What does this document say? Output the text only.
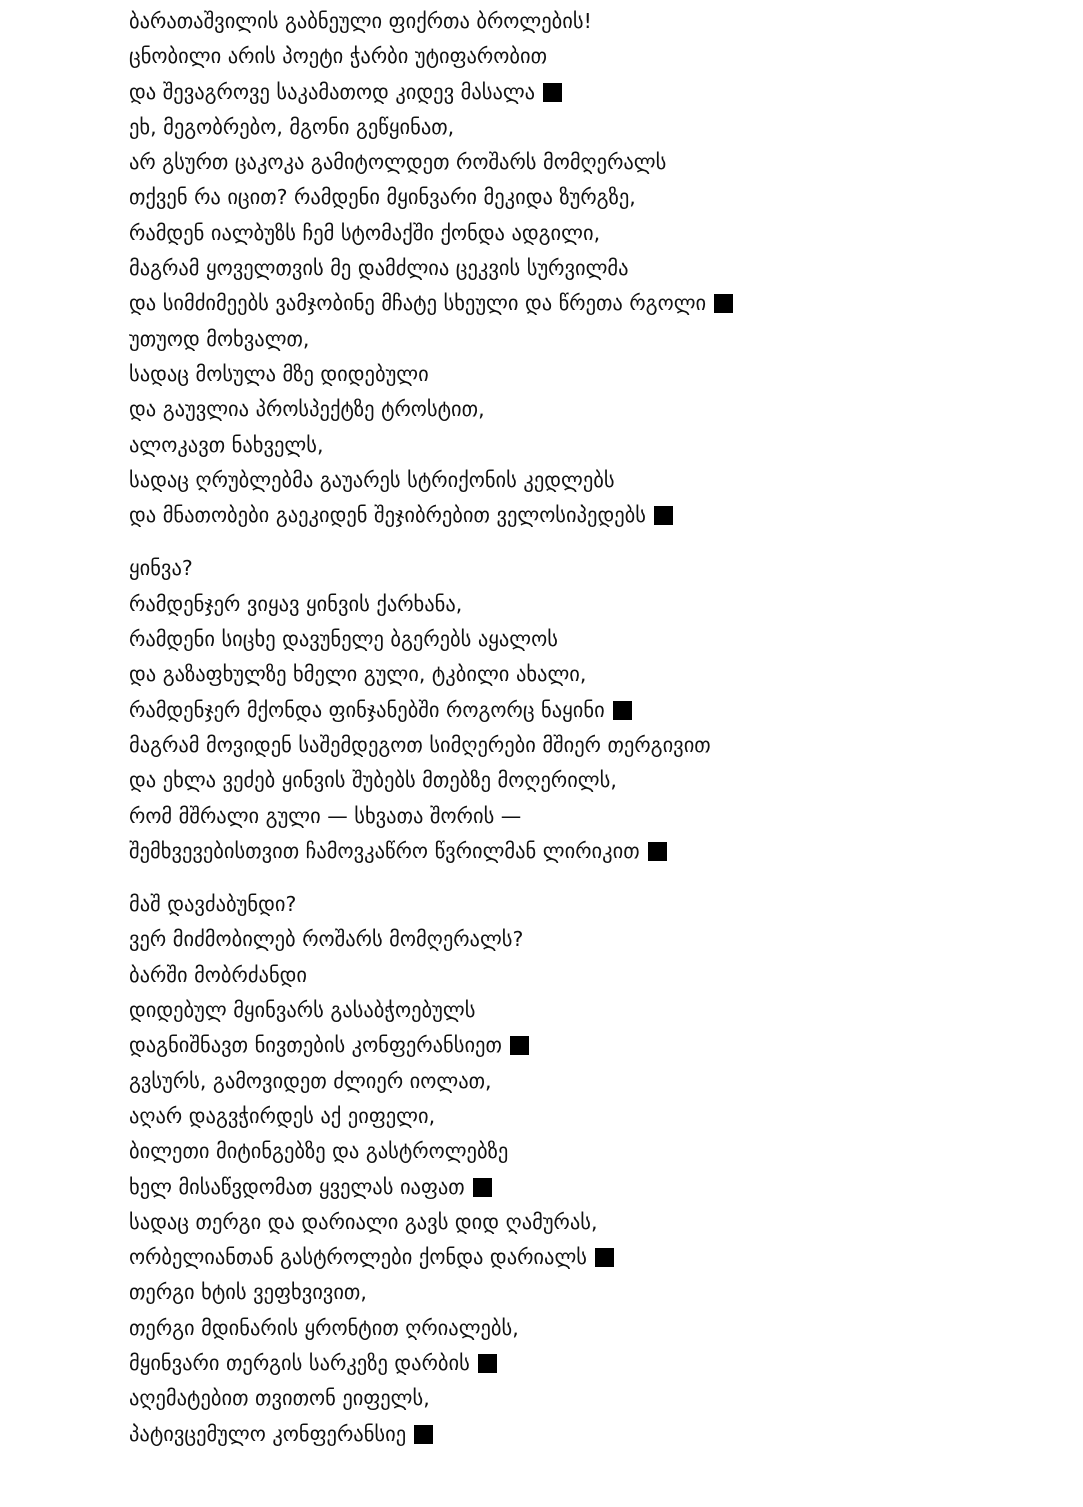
ბარათაშვილის გაბნეული ფიქრთა ბროლების!
ცნობილი არის პოეტი ჭარბი უტიფარობით
და შევაგროვე საკამათოდ კიდევ მასალა
ეხ, მეგობრებო, მგონი გეწყინათ,
არ გსურთ ცაკოკა გამიტოლდეთ როშარს მომღერალს
თქვენ რა იცით? რამდენი მყინვარი მეკიდა ზურგზე,
რამდენ იალბუზს ჩემ სტომაქში ქონდა ადგილი,
მაგრამ ყოველთვის მე დამძლია ცეკვის სურვილმა
და სიმძიმეებს ვამჯობინე მჩატე სხეული და წრეთა რგოლი
უთუოდ მოხვალთ,
სადაც მოსულა მზე დიდებული
და გაუვლია პროსპექტზე ტროსტით,
ალოკავთ ნახველს,
სადაც ღრუბლებმა გაუარეს სტრიქონის კედლებს
და მნათობები გაეკიდენ შეჯიბრებით ველოსიპედებს
ყინვა?
რამდენჯერ ვიყავ ყინვის ქარხანა,
რამდენი სიცხე დავუნელე ბგერებს აყალოს
და გაზაფხულზე ხმელი გული, ტკბილი ახალი,
რამდენჯერ მქონდა ფინჯანებში როგორც ნაყინი
მაგრამ მოვიდენ საშემდეგოთ სიმღერები მშიერ თერგივით
და ეხლა ვეძებ ყინვის შუბებს მთებზე მოღერილს,
რომ მშრალი გული — სხვათა შორის —
შემხვევებისთვით ჩამოვკაწრო წვრილმან ლირიკით
მაშ დავძაბუნდი?
ვერ მიძმობილებ როშარს მომღერალს?
ბარში მობრძანდი
დიდებულ მყინვარს გასაბჭოებულს
დაგნიშნავთ ნივთების კონფერანსიეთ
გვსურს, გამოვიდეთ ძლიერ იოლათ,
აღარ დაგვჭირდეს აქ ეიფელი,
ბილეთი მიტინგებზე და გასტროლებზე
ხელ მისაწვდომათ ყველას იაფათ
სადაც თერგი და დარიალი გავს დიდ ღამურას,
ორბელიანთან გასტროლები ქონდა დარიალს
თერგი ხტის ვეფხვივით,
თერგი მდინარის ყრონტით ღრიალებს,
მყინვარი თერგის სარკეზე დარბის
აღემატებით თვითონ ეიფელს,
პატივცემულო კონფერანსიე
